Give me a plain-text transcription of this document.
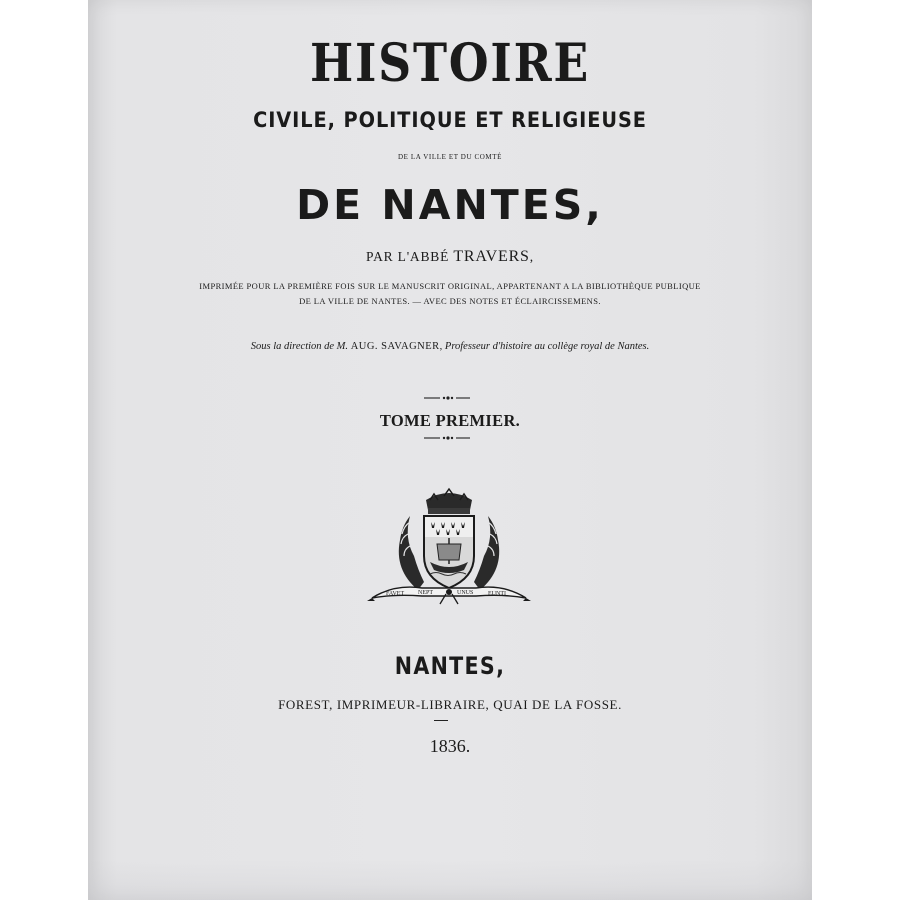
HISTOIRE

CIVILE, POLITIQUE ET RELIGIEUSE

DE LA VILLE ET DU COMTÉ

DE NANTES,

PAR L'ABBÉ TRAVERS,

IMPRIMÉE POUR LA PREMIÈRE FOIS SUR LE MANUSCRIT ORIGINAL, APPARTENANT A LA BIBLIOTHÈQUE PUBLIQUE

DE LA VILLE DE NANTES. — AVEC DES NOTES ET ÉCLAIRCISSEMENS.

Sous la direction de M. AUG. SAVAGNER, Professeur d'histoire au collège royal de Nantes.

TOME PREMIER.

FAVET NEPT	UNUS EUNTI

NANTES,

FOREST, IMPRIMEUR-LIBRAIRE, QUAI DE LA FOSSE.

1836.
